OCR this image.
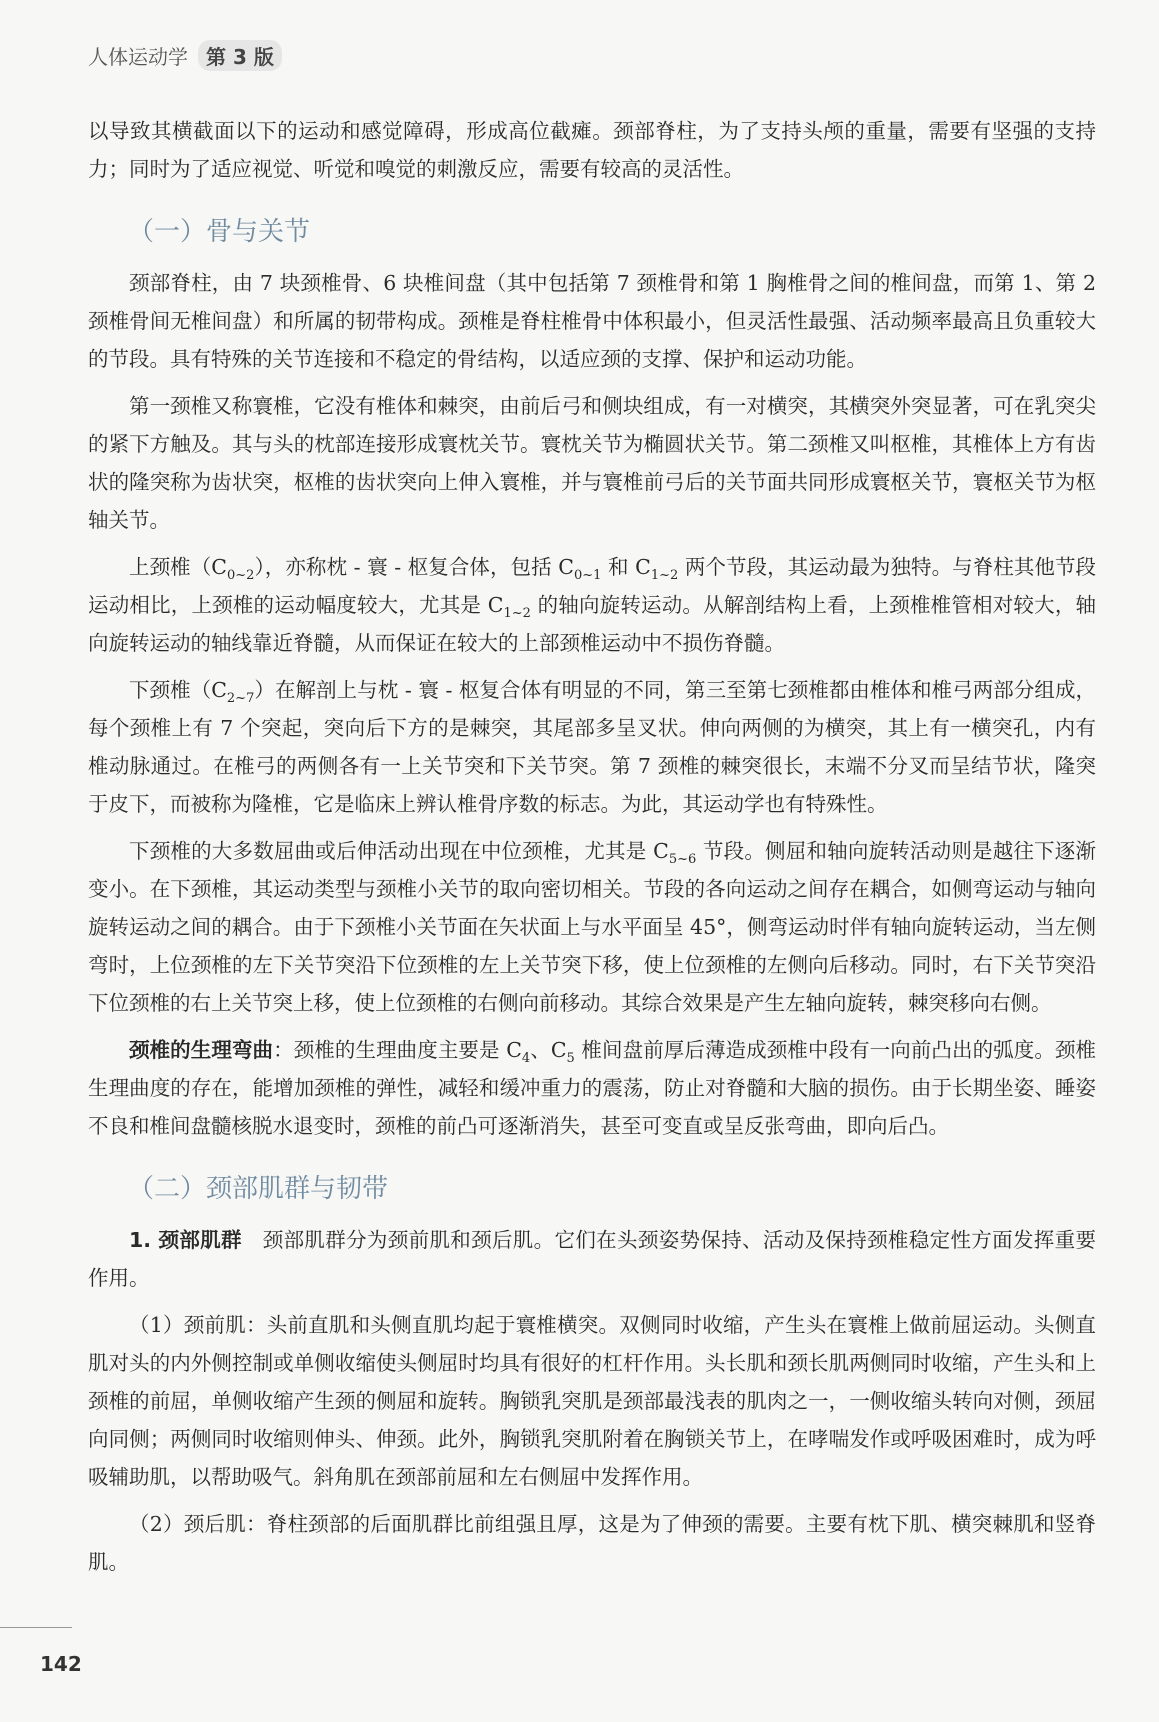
人体运动学 第 3 版

以导致其横截面以下的运动和感觉障碍，形成高位截瘫。颈部脊柱，为了支持头颅的重量，需要有坚强的支持力；同时为了适应视觉、听觉和嗅觉的刺激反应，需要有较高的灵活性。

（一）骨与关节

颈部脊柱，由 7 块颈椎骨、6 块椎间盘（其中包括第 7 颈椎骨和第 1 胸椎骨之间的椎间盘，而第 1、第 2 颈椎骨间无椎间盘）和所属的韧带构成。颈椎是脊柱椎骨中体积最小，但灵活性最强、活动频率最高且负重较大的节段。具有特殊的关节连接和不稳定的骨结构，以适应颈的支撑、保护和运动功能。

第一颈椎又称寰椎，它没有椎体和棘突，由前后弓和侧块组成，有一对横突，其横突外突显著，可在乳突尖的紧下方触及。其与头的枕部连接形成寰枕关节。寰枕关节为椭圆状关节。第二颈椎又叫枢椎，其椎体上方有齿状的隆突称为齿状突，枢椎的齿状突向上伸入寰椎，并与寰椎前弓后的关节面共同形成寰枢关节，寰枢关节为枢轴关节。

上颈椎$(C_{0\sim 2})$，亦称枕 - 寰 - 枢复合体，包括 $C_{0\sim 1}$ 和 $C_{1\sim 2}$ 两个节段，其运动最为独特。与脊柱其他节段运动相比，上颈椎的运动幅度较大，尤其是 $C_{1\sim 2}$ 的轴向旋转运动。从解剖结构上看，上颈椎椎管相对较大，轴向旋转运动的轴线靠近脊髓，从而保证在较大的上部颈椎运动中不损伤脊髓。

下颈椎$(C_{2\sim 7})$在解剖上与枕 - 寰 - 枢复合体有明显的不同，第三至第七颈椎都由椎体和椎弓两部分组成，每个颈椎上有 7 个突起，突向后下方的是棘突，其尾部多呈叉状。伸向两侧的为横突，其上有一横突孔，内有椎动脉通过。在椎弓的两侧各有一上关节突和下关节突。第 7 颈椎的棘突很长，末端不分叉而呈结节状，隆突于皮下，而被称为隆椎，它是临床上辨认椎骨序数的标志。为此，其运动学也有特殊性。

下颈椎的大多数屈曲或后伸活动出现在中位颈椎，尤其是 $C_{5\sim 6}$ 节段。侧屈和轴向旋转活动则是越往下逐渐变小。在下颈椎，其运动类型与颈椎小关节的取向密切相关。节段的各向运动之间存在耦合，如侧弯运动与轴向旋转运动之间的耦合。由于下颈椎小关节面在矢状面上与水平面呈 45°，侧弯运动时伴有轴向旋转运动，当左侧弯时，上位颈椎的左下关节突沿下位颈椎的左上关节突下移，使上位颈椎的左侧向后移动。同时，右下关节突沿下位颈椎的右上关节突上移，使上位颈椎的右侧向前移动。其综合效果是产生左轴向旋转，棘突移向右侧。

颈椎的生理弯曲：颈椎的生理曲度主要是 $C_4$、$C_5$ 椎间盘前厚后薄造成颈椎中段有一向前凸出的弧度。颈椎生理曲度的存在，能增加颈椎的弹性，减轻和缓冲重力的震荡，防止对脊髓和大脑的损伤。由于长期坐姿、睡姿不良和椎间盘髓核脱水退变时，颈椎的前凸可逐渐消失，甚至可变直或呈反张弯曲，即向后凸。

（二）颈部肌群与韧带

1. 颈部肌群　颈部肌群分为颈前肌和颈后肌。它们在头颈姿势保持、活动及保持颈椎稳定性方面发挥重要作用。

（1）颈前肌：头前直肌和头侧直肌均起于寰椎横突。双侧同时收缩，产生头在寰椎上做前屈运动。头侧直肌对头的内外侧控制或单侧收缩使头侧屈时均具有很好的杠杆作用。头长肌和颈长肌两侧同时收缩，产生头和上颈椎的前屈，单侧收缩产生颈的侧屈和旋转。胸锁乳突肌是颈部最浅表的肌肉之一，一侧收缩头转向对侧，颈屈向同侧；两侧同时收缩则伸头、伸颈。此外，胸锁乳突肌附着在胸锁关节上，在哮喘发作或呼吸困难时，成为呼吸辅助肌，以帮助吸气。斜角肌在颈部前屈和左右侧屈中发挥作用。

（2）颈后肌：脊柱颈部的后面肌群比前组强且厚，这是为了伸颈的需要。主要有枕下肌、横突棘肌和竖脊肌。

142
